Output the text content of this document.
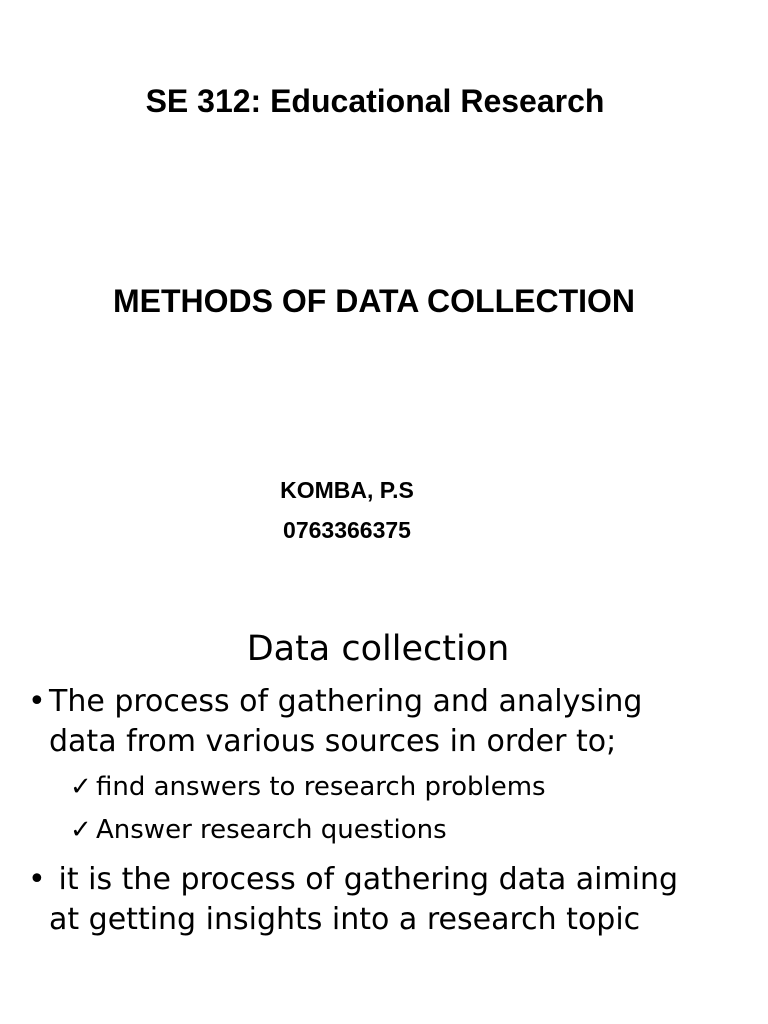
SE 312: Educational Research
METHODS OF DATA COLLECTION
KOMBA, P.S
0763366375
Data collection
• The process of gathering and analysing
data from various sources in order to;
✓ find answers to research problems
✓ Answer research questions
• it is the process of gathering data aiming
at getting insights into a research topic
